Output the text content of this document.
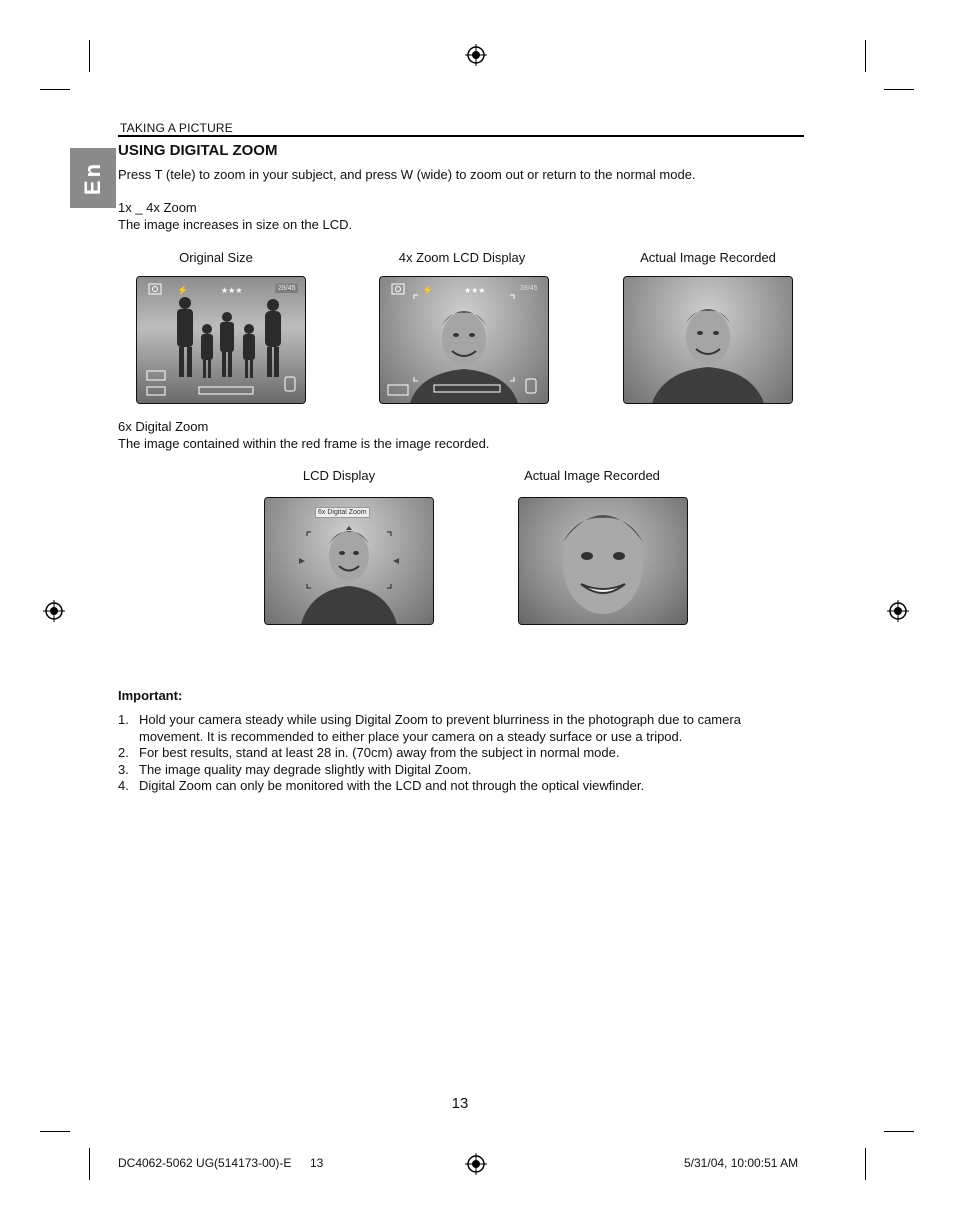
TAKING A PICTURE
En
USING DIGITAL ZOOM
Press T (tele) to zoom in your subject, and press W (wide) to zoom out or return to the normal mode.
1x _ 4x Zoom
The image increases in size on the LCD.
Original Size	4x Zoom LCD Display	Actual Image Recorded
⚡	★★★	28/45	⚡	★★★	28/45
6x Digital Zoom
The image contained within the red frame is the image recorded.
LCD Display	Actual Image Recorded
6x Digital Zoom
Important:
1. Hold your camera steady while using Digital Zoom to prevent blurriness in the photograph due to camera movement. It is recommended to either place your camera on a steady surface or use a tripod.
2. For best results, stand at least 28 in. (70cm) away from the subject in normal mode.
3. The image quality may degrade slightly with Digital Zoom.
4. Digital Zoom can only be monitored with the LCD and not through the optical viewfinder.
13
DC4062-5062 UG(514173-00)-E 13	5/31/04, 10:00:51 AM
